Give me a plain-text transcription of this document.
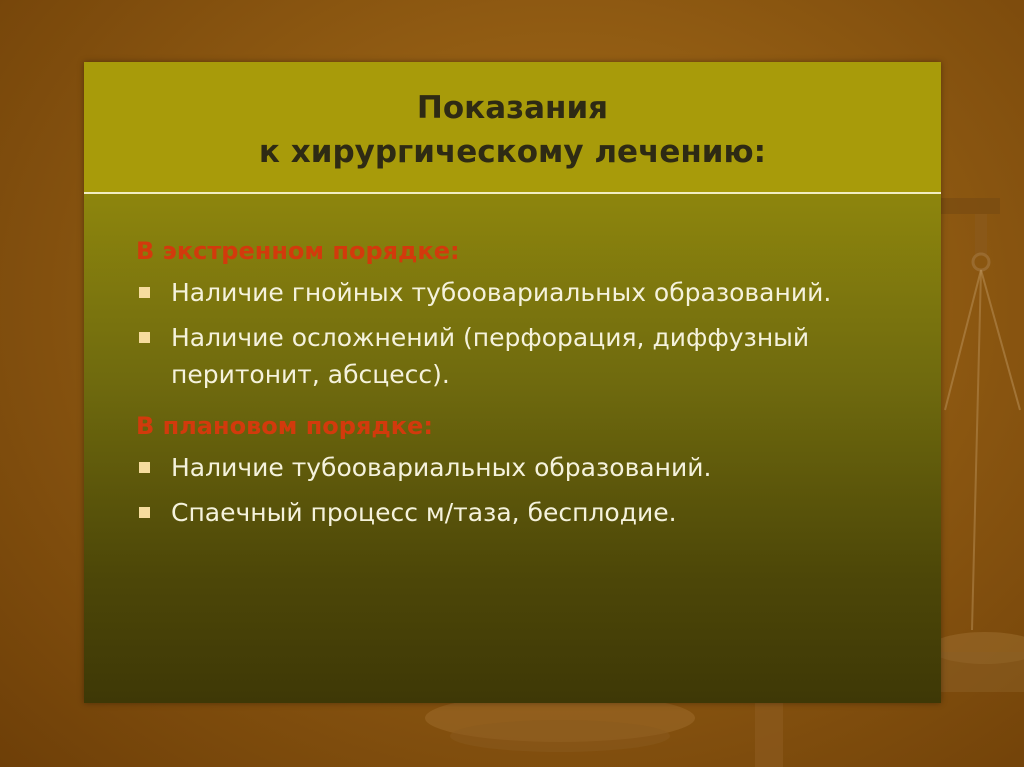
Показания
к хирургическому лечению:
В экстренном порядке:
Наличие гнойных тубоовариальных образований.
Наличие осложнений (перфорация, диффузный перитонит, абсцесс).
В плановом порядке:
Наличие тубоовариальных образований.
Спаечный процесс м/таза, бесплодие.
